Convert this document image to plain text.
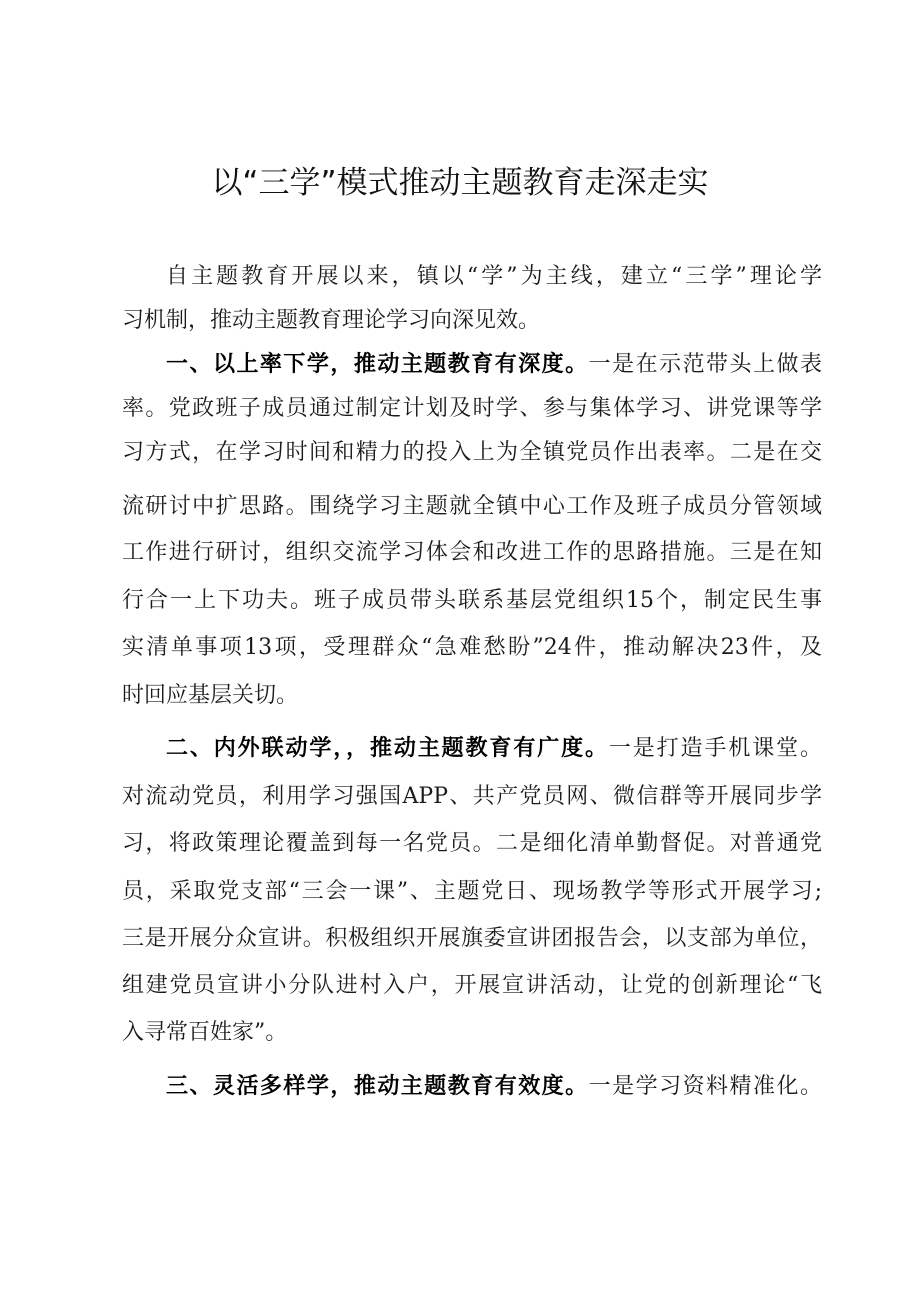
以“三学”模式推动主题教育走深走实
自主题教育开展以来，镇以“学”为主线，建立“三学”理论学
习机制，推动主题教育理论学习向深见效。
一、以上率下学，推动主题教育有深度。一是在示范带头上做表
率。党政班子成员通过制定计划及时学、参与集体学习、讲党课等学
习方式，在学习时间和精力的投入上为全镇党员作出表率。二是在交
流研讨中扩思路。围绕学习主题就全镇中心工作及班子成员分管领域
工作进行研讨，组织交流学习体会和改进工作的思路措施。三是在知
行合一上下功夫。班子成员带头联系基层党组织15个，制定民生事
实清单事项13项，受理群众“急难愁盼”24件，推动解决23件，及
时回应基层关切。
二、内外联动学，，推动主题教育有广度。一是打造手机课堂。
对流动党员，利用学习强国APP、共产党员网、微信群等开展同步学
习，将政策理论覆盖到每一名党员。二是细化清单勤督促。对普通党
员，采取党支部“三会一课”、主题党日、现场教学等形式开展学习;
三是开展分众宣讲。积极组织开展旗委宣讲团报告会，以支部为单位，
组建党员宣讲小分队进村入户，开展宣讲活动，让党的创新理论“飞
入寻常百姓家”。
三、灵活多样学，推动主题教育有效度。一是学习资料精准化。
